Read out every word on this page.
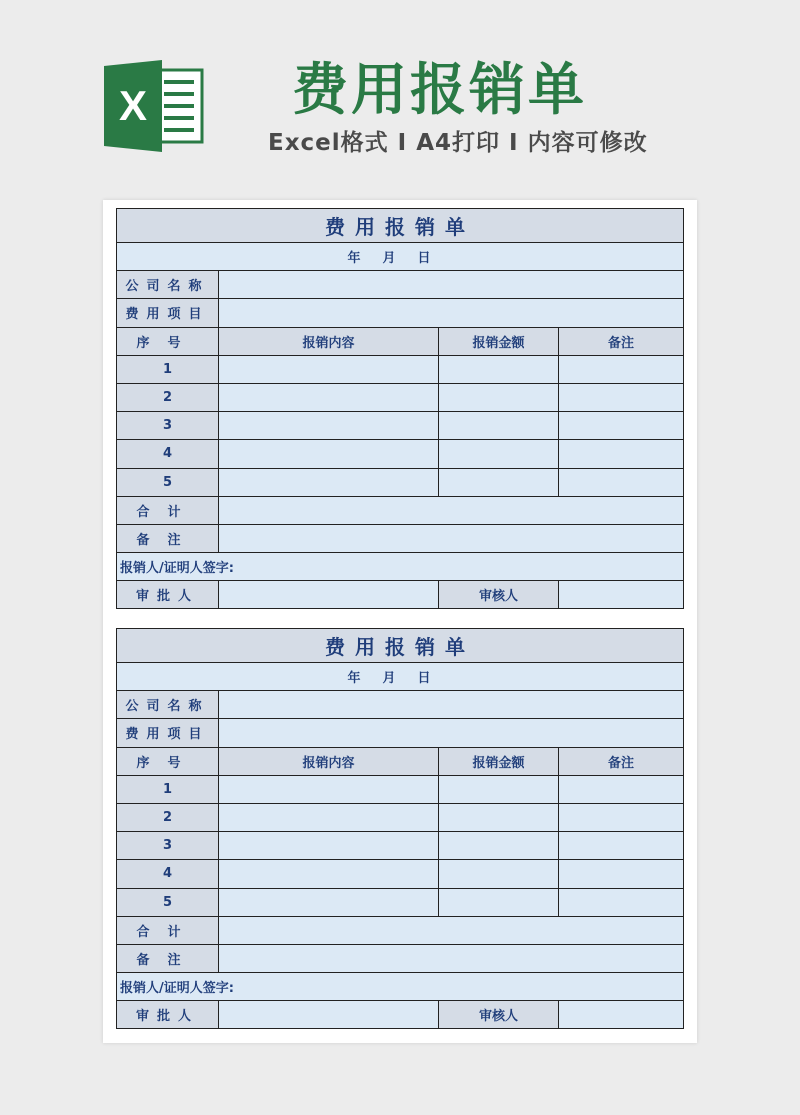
X	费用报销单
Excel格式 I A4打印 I 内容可修改
费用报销单			
年月日			
公司名称			
费用项目			
序号	报销内容	报销金额	备注
1			
2			
3			
4			
5			
合计			
备注			
报销人/证明人签字:			
审批人		审核人	
费用报销单			
年月日			
公司名称			
费用项目			
序号	报销内容	报销金额	备注
1			
2			
3			
4			
5			
合计			
备注			
报销人/证明人签字:			
审批人		审核人	
